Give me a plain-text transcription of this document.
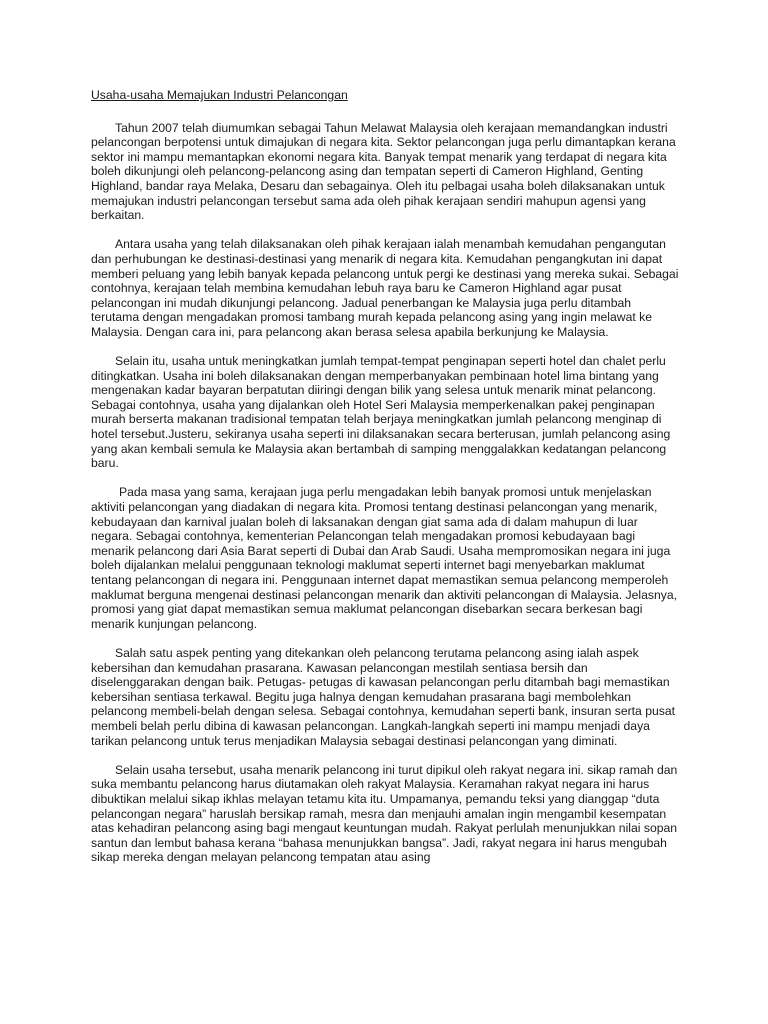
Usaha-usaha Memajukan Industri Pelancongan

Tahun 2007 telah diumumkan sebagai Tahun Melawat Malaysia oleh kerajaan memandangkan industri pelancongan berpotensi untuk dimajukan di negara kita. Sektor pelancongan juga perlu dimantapkan kerana sektor ini mampu memantapkan ekonomi negara kita. Banyak tempat menarik yang terdapat di negara kita boleh dikunjungi oleh pelancong-pelancong asing dan tempatan seperti di Cameron Highland, Genting Highland, bandar raya Melaka, Desaru dan sebagainya. Oleh itu pelbagai usaha boleh dilaksanakan untuk memajukan industri pelancongan tersebut sama ada oleh pihak kerajaan sendiri mahupun agensi yang berkaitan.

Antara usaha yang telah dilaksanakan oleh pihak kerajaan ialah menambah kemudahan pengangutan dan perhubungan ke destinasi-destinasi yang menarik di negara kita. Kemudahan pengangkutan ini dapat memberi peluang yang lebih banyak kepada pelancong untuk pergi ke destinasi yang mereka sukai. Sebagai contohnya, kerajaan telah membina kemudahan lebuh raya baru ke Cameron Highland agar pusat pelancongan ini mudah dikunjungi pelancong. Jadual penerbangan ke Malaysia juga perlu ditambah terutama dengan mengadakan promosi tambang murah kepada pelancong asing yang ingin melawat ke Malaysia. Dengan cara ini, para pelancong akan berasa selesa apabila berkunjung ke Malaysia.

Selain itu, usaha untuk meningkatkan jumlah tempat-tempat penginapan seperti hotel dan chalet perlu ditingkatkan. Usaha ini boleh dilaksanakan dengan memperbanyakan pembinaan hotel lima bintang yang mengenakan kadar bayaran berpatutan diiringi dengan bilik yang selesa untuk menarik minat pelancong. Sebagai contohnya, usaha yang dijalankan oleh Hotel Seri Malaysia memperkenalkan pakej penginapan murah berserta makanan tradisional tempatan telah berjaya meningkatkan jumlah pelancong menginap di hotel tersebut.Justeru, sekiranya usaha seperti ini dilaksanakan secara berterusan, jumlah pelancong asing yang akan kembali semula ke Malaysia akan bertambah di samping menggalakkan kedatangan pelancong baru.

Pada masa yang sama, kerajaan juga perlu mengadakan lebih banyak promosi untuk menjelaskan aktiviti pelancongan yang diadakan di negara kita. Promosi tentang destinasi pelancongan yang menarik, kebudayaan dan karnival jualan boleh di laksanakan dengan giat sama ada di dalam mahupun di luar negara. Sebagai contohnya, kementerian Pelancongan telah mengadakan promosi kebudayaan bagi menarik pelancong dari Asia Barat seperti di Dubai dan Arab Saudi. Usaha mempromosikan negara ini juga boleh dijalankan melalui penggunaan teknologi maklumat seperti internet bagi menyebarkan maklumat tentang pelancongan di negara ini. Penggunaan internet dapat memastikan semua pelancong memperoleh maklumat berguna mengenai destinasi pelancongan menarik dan aktiviti pelancongan di Malaysia. Jelasnya, promosi yang giat dapat memastikan semua maklumat pelancongan disebarkan secara berkesan bagi menarik kunjungan pelancong.

Salah satu aspek penting yang ditekankan oleh pelancong terutama pelancong asing ialah aspek kebersihan dan kemudahan prasarana. Kawasan pelancongan mestilah sentiasa bersih dan diselenggarakan dengan baik. Petugas- petugas di kawasan pelancongan perlu ditambah bagi memastikan kebersihan sentiasa terkawal. Begitu juga halnya dengan kemudahan prasarana bagi membolehkan pelancong membeli-belah dengan selesa. Sebagai contohnya, kemudahan seperti bank, insuran serta pusat membeli belah perlu dibina di kawasan pelancongan. Langkah-langkah seperti ini mampu menjadi daya tarikan pelancong untuk terus menjadikan Malaysia sebagai destinasi pelancongan yang diminati.

Selain usaha tersebut, usaha menarik pelancong ini turut dipikul oleh rakyat negara ini. sikap ramah dan suka membantu pelancong harus diutamakan oleh rakyat Malaysia. Keramahan rakyat negara ini harus dibuktikan melalui sikap ikhlas melayan tetamu kita itu. Umpamanya, pemandu teksi yang dianggap “duta pelancongan negara” haruslah bersikap ramah, mesra dan menjauhi amalan ingin mengambil kesempatan atas kehadiran pelancong asing bagi mengaut keuntungan mudah. Rakyat perlulah menunjukkan nilai sopan santun dan lembut bahasa kerana “bahasa menunjukkan bangsa”. Jadi, rakyat negara ini harus mengubah sikap mereka dengan melayan pelancong tempatan atau asing
